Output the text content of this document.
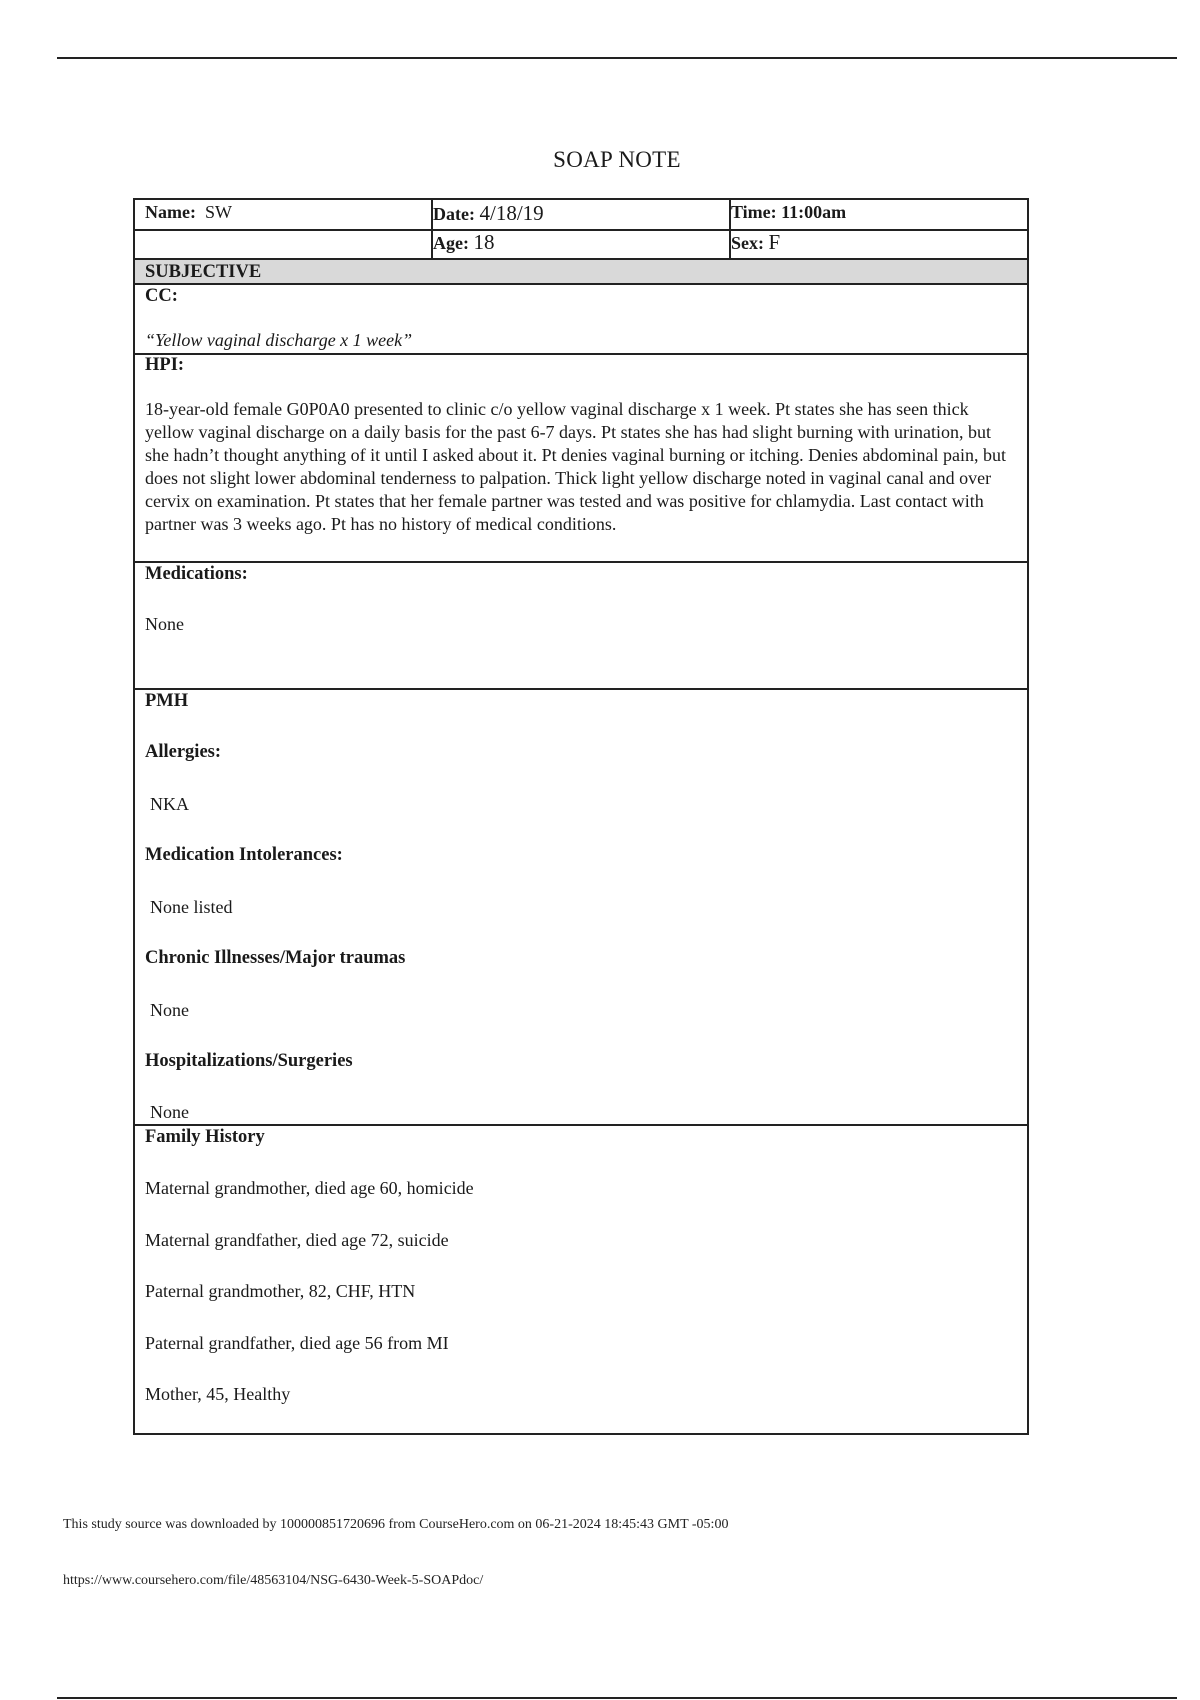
SOAP NOTE
Name: SW	Date: 4/18/19	Time: 11:00am
Age: 18	Sex: F
SUBJECTIVE
CC:
“Yellow vaginal discharge x 1 week”
HPI:
18-year-old female G0P0A0 presented to clinic c/o yellow vaginal discharge x 1 week. Pt states she has seen thick yellow vaginal discharge on a daily basis for the past 6-7 days. Pt states she has had slight burning with urination, but she hadn’t thought anything of it until I asked about it. Pt denies vaginal burning or itching. Denies abdominal pain, but does not slight lower abdominal tenderness to palpation. Thick light yellow discharge noted in vaginal canal and over cervix on examination. Pt states that her female partner was tested and was positive for chlamydia. Last contact with partner was 3 weeks ago. Pt has no history of medical conditions.
Medications:
None
PMH
Allergies:
NKA
Medication Intolerances:
None listed
Chronic Illnesses/Major traumas
None
Hospitalizations/Surgeries
None
Family History
Maternal grandmother, died age 60, homicide
Maternal grandfather, died age 72, suicide
Paternal grandmother, 82, CHF, HTN
Paternal grandfather, died age 56 from MI
Mother, 45, Healthy
This study source was downloaded by 100000851720696 from CourseHero.com on 06-21-2024 18:45:43 GMT -05:00
https://www.coursehero.com/file/48563104/NSG-6430-Week-5-SOAPdoc/
